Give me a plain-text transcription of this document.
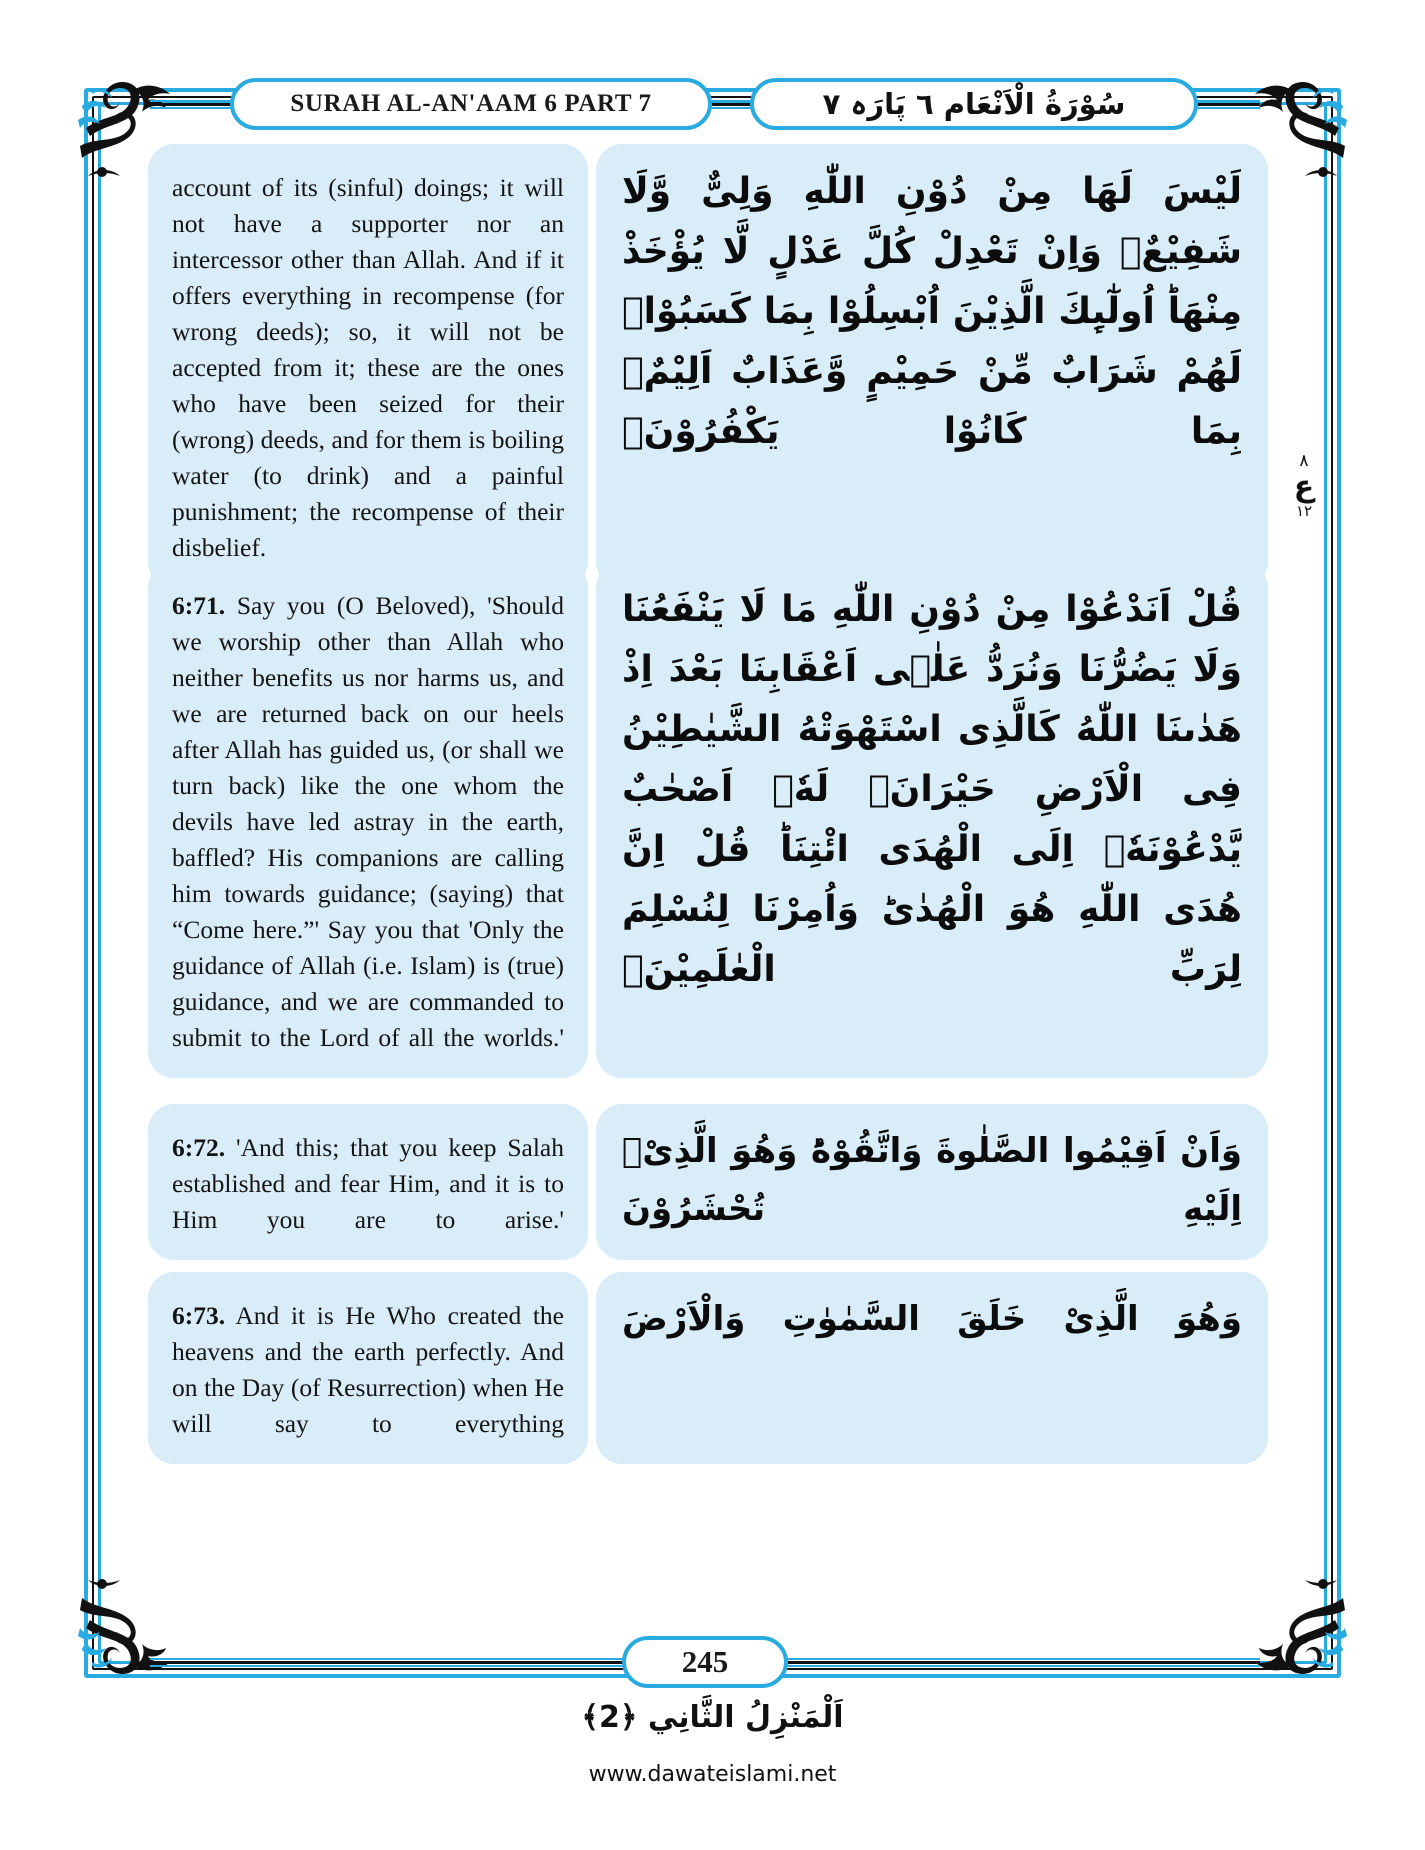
SURAH AL-AN'AAM 6 PART 7	سُوْرَةُ الْاَنْعَام ٦ پَارَہ ٧
account of its (sinful) doings; it will not have a supporter nor an intercessor other than Allah. And if it offers everything in recompense (for wrong deeds); so, it will not be accepted from it; these are the ones who have been seized for their (wrong) deeds, and for them is boiling water (to drink) and a painful punishment; the recompense of their disbelief.
لَیْسَ لَهَا مِنْ دُوْنِ اللّٰهِ وَلِیٌّ وَّلَا شَفِیْعٌۚ وَاِنْ تَعْدِلْ كُلَّ عَدْلٍ لَّا یُؤْخَذْ مِنْهَاؕ اُولٰٓىِٕكَ الَّذِیْنَ اُبْسِلُوْا بِمَا كَسَبُوْاۚ لَهُمْ شَرَابٌ مِّنْ حَمِیْمٍ وَّعَذَابٌ اَلِیْمٌۢ بِمَا كَانُوْا یَكْفُرُوْنَ۠
6:71. Say you (O Beloved), 'Should we worship other than Allah who neither benefits us nor harms us, and we are returned back on our heels after Allah has guided us, (or shall we turn back) like the one whom the devils have led astray in the earth, baffled? His companions are calling him towards guidance; (saying) that “Come here.”' Say you that 'Only the guidance of Allah (i.e. Islam) is (true) guidance, and we are commanded to submit to the Lord of all the worlds.'
قُلْ اَنَدْعُوْا مِنْ دُوْنِ اللّٰهِ مَا لَا یَنْفَعُنَا وَلَا یَضُرُّنَا وَنُرَدُّ عَلٰۤى اَعْقَابِنَا بَعْدَ اِذْ هَدٰىنَا اللّٰهُ كَالَّذِی اسْتَهْوَتْهُ الشَّیٰطِیْنُ فِی الْاَرْضِ حَیْرَانَ۪ لَهٗۤ اَصْحٰبٌ یَّدْعُوْنَهٗۤ اِلَى الْهُدَى ائْتِنَاؕ قُلْ اِنَّ هُدَى اللّٰهِ هُوَ الْهُدٰىؕ وَاُمِرْنَا لِنُسْلِمَ لِرَبِّ الْعٰلَمِیْنَۙ
6:72. 'And this; that you keep Salah established and fear Him, and it is to Him you are to arise.'
وَاَنْ اَقِیْمُوا الصَّلٰوةَ وَاتَّقُوْهُؕ وَهُوَ الَّذِیْۤ اِلَیْهِ تُحْشَرُوْنَ
6:73. And it is He Who created the heavens and the earth perfectly. And on the Day (of Resurrection) when He will say to everything
وَهُوَ الَّذِیْ خَلَقَ السَّمٰوٰتِ وَالْاَرْضَ
۸
ع
۱۲
245
اَلْمَنْزِلُ الثَّانِي ﴿2﴾
www.dawateislami.net
